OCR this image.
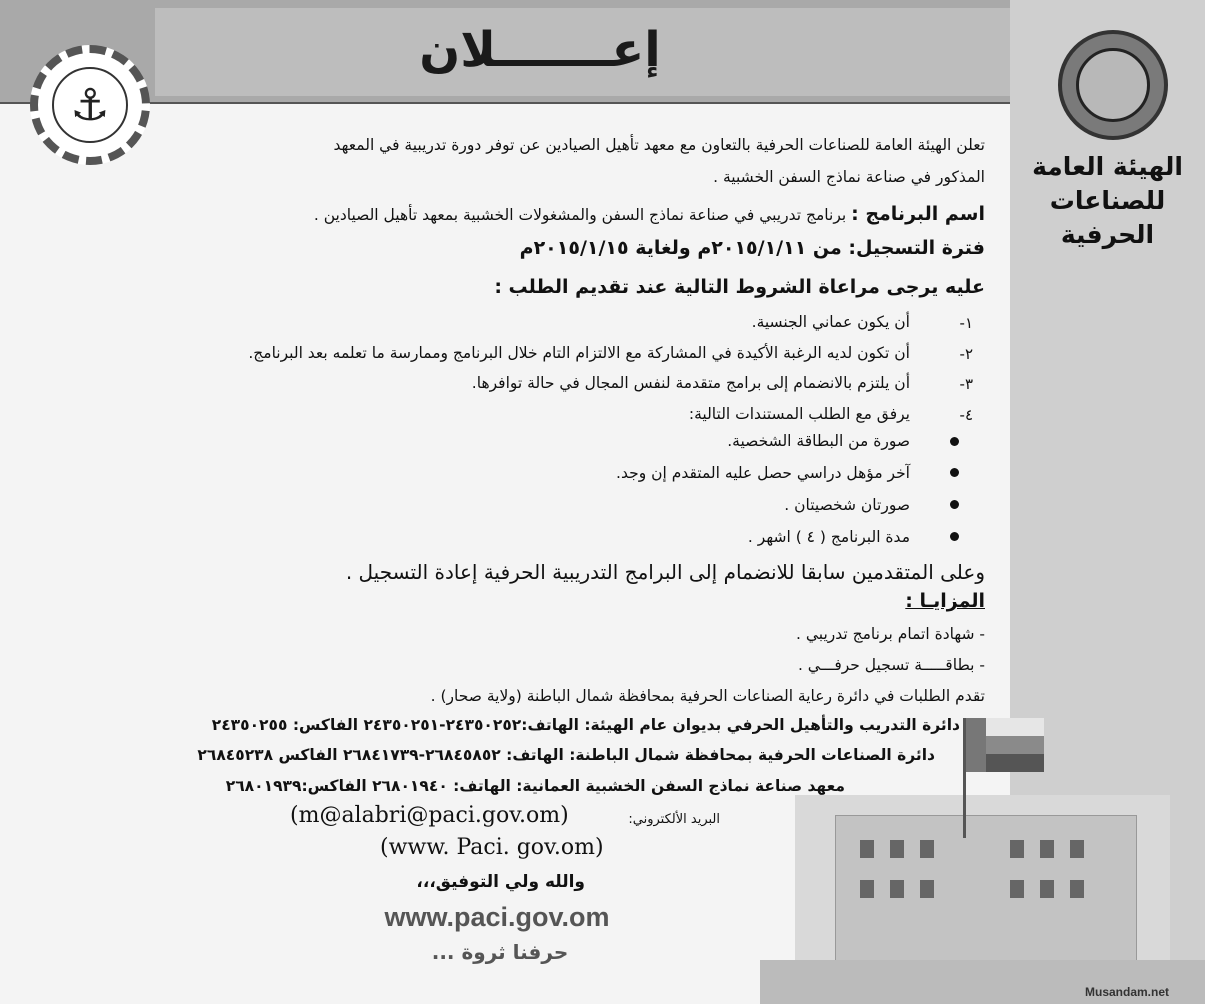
الهيئة العامة
للصناعات
الحرفية
إعـــــــلان
⚓
تعلن الهيئة العامة للصناعات الحرفية بالتعاون مع معهد تأهيل الصيادين عن توفر دورة تدريبية في المعهد
المذكور في صناعة نماذج السفن الخشبية .
اسم البرنامج : برنامج تدريبي في صناعة نماذج السفن والمشغولات الخشبية بمعهد تأهيل الصيادين .
فترة التسجيل: من ٢٠١٥/١/١١م ولغاية ٢٠١٥/١/١٥م
عليه يرجى مراعاة الشروط التالية عند تقديم الطلب :
١-
أن يكون عماني الجنسية.
٢-
أن تكون لديه الرغبة الأكيدة في المشاركة مع الالتزام التام خلال البرنامج وممارسة ما تعلمه بعد البرنامج.
٣-
أن يلتزم بالانضمام إلى برامج متقدمة لنفس المجال في حالة توافرها.
٤-
يرفق مع الطلب المستندات التالية:
صورة من البطاقة الشخصية.
آخر مؤهل دراسي حصل عليه المتقدم إن وجد.
صورتان شخصيتان .
مدة البرنامج ( ٤ ) اشهر .
وعلى المتقدمين سابقا للانضمام إلى البرامج التدريبية الحرفية إعادة التسجيل .
المزايـا :
- شهادة اتمام برنامج تدريبي .
- بطاقـــــة تسجيل حرفـــي .
تقدم الطلبات في دائرة رعاية الصناعات الحرفية بمحافظة شمال الباطنة (ولاية صحار) .
دائرة التدريب والتأهيل الحرفي بديوان عام الهيئة: الهاتف:٢٤٣٥٠٢٥٢-٢٤٣٥٠٢٥١ الفاكس: ٢٤٣٥٠٢٥٥
دائرة الصناعات الحرفية بمحافظة شمال الباطنة: الهاتف: ٢٦٨٤٥٨٥٢-٢٦٨٤١٧٣٩ الفاكس ٢٦٨٤٥٢٣٨
معهد صناعة نماذج السفن الخشبية العمانية: الهاتف: ٢٦٨٠١٩٤٠ الفاكس:٢٦٨٠١٩٣٩
البريد الألكتروني:
(m@alabri@paci.gov.om)
(www. Paci. gov.om)
والله ولي التوفيق،،،
www.paci.gov.om
حرفنا ثروة ...
Musandam.net
